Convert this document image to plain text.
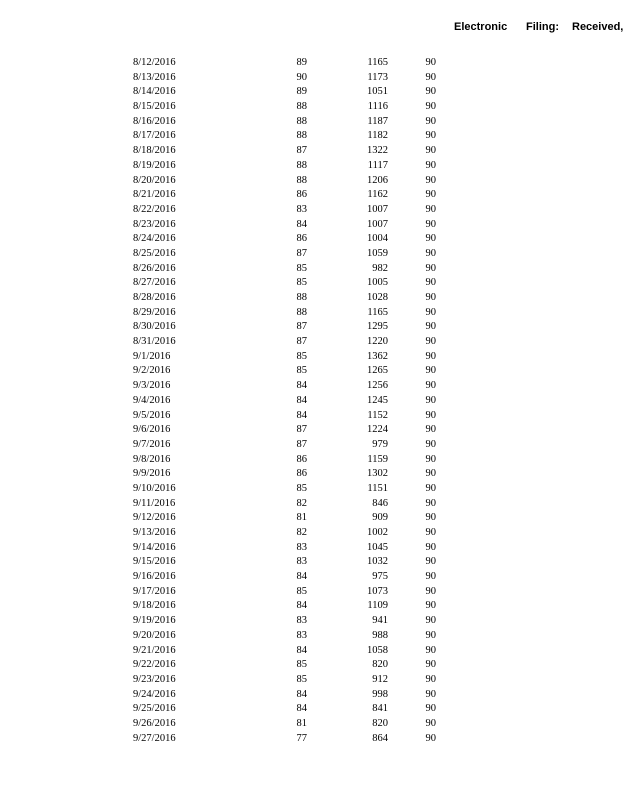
Electronic Filing: Received,
8/12/2016	89	1165	90
8/13/2016	90	1173	90
8/14/2016	89	1051	90
8/15/2016	88	1116	90
8/16/2016	88	1187	90
8/17/2016	88	1182	90
8/18/2016	87	1322	90
8/19/2016	88	1117	90
8/20/2016	88	1206	90
8/21/2016	86	1162	90
8/22/2016	83	1007	90
8/23/2016	84	1007	90
8/24/2016	86	1004	90
8/25/2016	87	1059	90
8/26/2016	85	982	90
8/27/2016	85	1005	90
8/28/2016	88	1028	90
8/29/2016	88	1165	90
8/30/2016	87	1295	90
8/31/2016	87	1220	90
9/1/2016	85	1362	90
9/2/2016	85	1265	90
9/3/2016	84	1256	90
9/4/2016	84	1245	90
9/5/2016	84	1152	90
9/6/2016	87	1224	90
9/7/2016	87	979	90
9/8/2016	86	1159	90
9/9/2016	86	1302	90
9/10/2016	85	1151	90
9/11/2016	82	846	90
9/12/2016	81	909	90
9/13/2016	82	1002	90
9/14/2016	83	1045	90
9/15/2016	83	1032	90
9/16/2016	84	975	90
9/17/2016	85	1073	90
9/18/2016	84	1109	90
9/19/2016	83	941	90
9/20/2016	83	988	90
9/21/2016	84	1058	90
9/22/2016	85	820	90
9/23/2016	85	912	90
9/24/2016	84	998	90
9/25/2016	84	841	90
9/26/2016	81	820	90
9/27/2016	77	864	90
